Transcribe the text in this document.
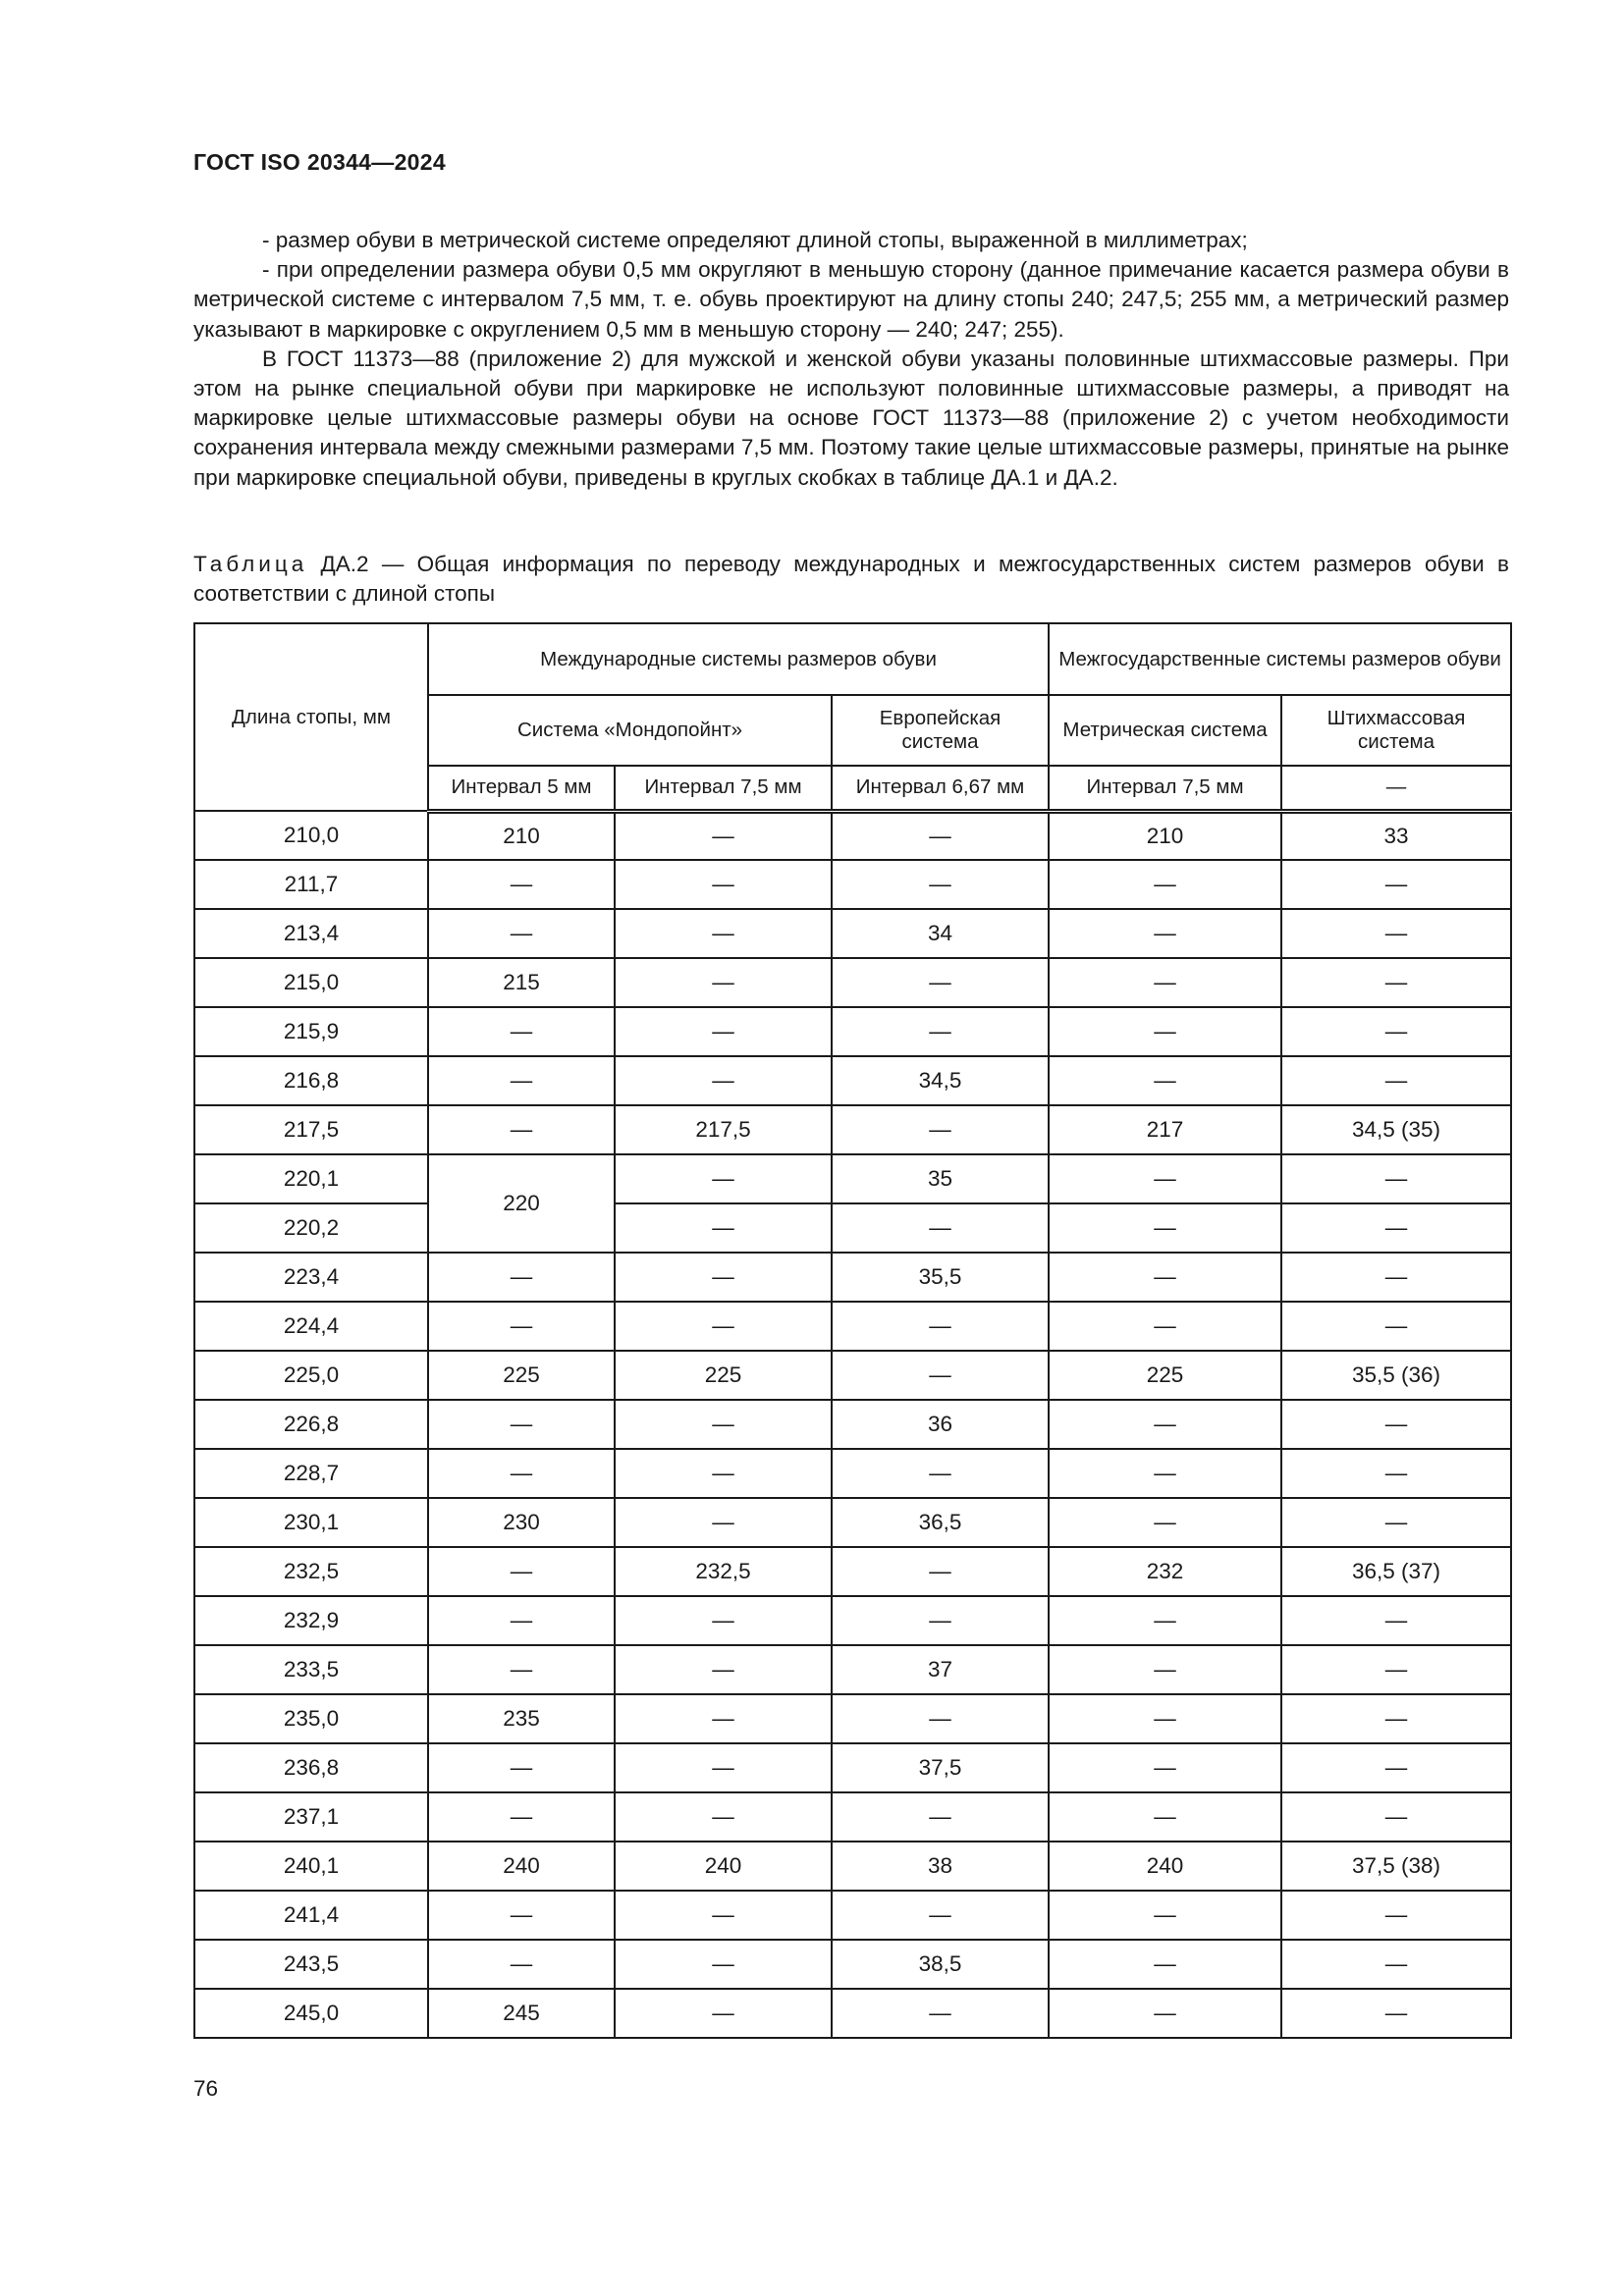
ГОСТ ISO 20344—2024

- размер обуви в метрической системе определяют длиной стопы, выраженной в миллиметрах;

- при определении размера обуви 0,5 мм округляют в меньшую сторону (данное примечание касается размера обуви в метрической системе с интервалом 7,5 мм, т. е. обувь проектируют на длину стопы 240; 247,5; 255 мм, а метрический размер указывают в маркировке с округлением 0,5 мм в меньшую сторону — 240; 247; 255).

В ГОСТ 11373—88 (приложение 2) для мужской и женской обуви указаны половинные штихмассовые размеры. При этом на рынке специальной обуви при маркировке не используют половинные штихмассовые размеры, а приводят на маркировке целые штихмассовые размеры обуви на основе ГОСТ 11373—88 (приложение 2) с учетом необходимости сохранения интервала между смежными размерами 7,5 мм. Поэтому такие целые штихмассовые размеры, принятые на рынке при маркировке специальной обуви, приведены в круглых скобках в таблице ДА.1 и ДА.2.

Таблица ДА.2 — Общая информация по переводу международных и межгосударственных систем размеров обуви в соответствии с длиной стопы
Длина стопы, мм	Международные системы размеров обуви			Межгосударственные системы размеров обуви	
	Система «Мондопойнт»		Европейская система	Метрическая система	Штихмассовая система
	Интервал 5 мм	Интервал 7,5 мм	Интервал 6,67 мм	Интервал 7,5 мм	—
210,0	210	—	—	210	33
211,7	—	—	—	—	—
213,4	—	—	34	—	—
215,0	215	—	—	—	—
215,9	—	—	—	—	—
216,8	—	—	34,5	—	—
217,5	—	217,5	—	217	34,5 (35)
220,1	220	—	35	—	—
220,2		—	—	—	—
223,4	—	—	35,5	—	—
224,4	—	—	—	—	—
225,0	225	225	—	225	35,5 (36)
226,8	—	—	36	—	—
228,7	—	—	—	—	—
230,1	230	—	36,5	—	—
232,5	—	232,5	—	232	36,5 (37)
232,9	—	—	—	—	—
233,5	—	—	37	—	—
235,0	235	—	—	—	—
236,8	—	—	37,5	—	—
237,1	—	—	—	—	—
240,1	240	240	38	240	37,5 (38)
241,4	—	—	—	—	—
243,5	—	—	38,5	—	—
245,0	245	—	—	—	—
76
